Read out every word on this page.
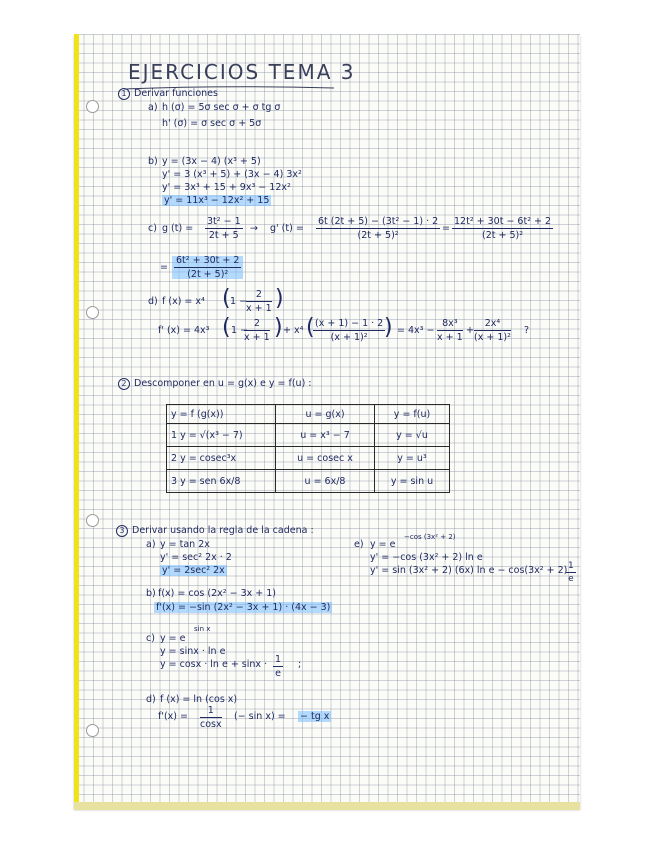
EJERCICIOS TEMA 3
1 Derivar funciones
a) h (σ) = 5σ sec σ + σ tg σ
h' (σ) = σ sec σ + 5σ
b) y = (3x − 4) (x³ + 5)
y' = 3 (x³ + 5) + (3x − 4) 3x²
y' = 3x³ + 15 + 9x³ − 12x²
y' = 11x³ − 12x² + 15
c) g $(t) = \frac{\text{3t² − 1}}{2t + 5} \to g'$ $(t) = \frac{\text{6t (2t + 5) − (3t² − 1) · 2}}{\text{(2t + 5)²}} = \frac{\text{12t² + 30t − 6t² + 2}}{\text{(2t + 5)²}}$
= $\frac{\text{6t² + 30t + 2}}{\text{(2t + 5)²}}$
d) f (x) = x⁴ ( 1 −
$\frac{2}{x + 1}$ )
f' (x) = 4x³ ( 1 −
$\frac{2}{x + 1}$ ) + x⁴ (
$\frac{(x + 1) - 1 \cdot 2}{\text{(x + 1)²}}$
) = $4x^3 - \frac{\text{8x³}}{x + 1} + \frac{\text{2x⁴}}{\text{(x + 1)²}}$ ?
2 Descomponer en u = g(x) e y = f(u) :
y = f (g(x))	u = g(x)	y = f(u)
1 y = √(x³ − 7)	u = x³ − 7	y = √u
2 y = cosec³x	u = cosec x	y = u³
3 y = sen 6x/8	u = 6x/8	y = sin u
3 Derivar usando la regla de la cadena :
a) y = tan 2x
y' = sec² 2x · 2
y' = 2sec² 2x
e) y = e
−cos (3x² + 2)
y' = −cos (3x² + 2) ln e
y' = sin (3x² + 2) (6x) ln e − cos(3x² + 2)
$\frac{1}{e}$
b) f(x) = cos (2x² − 3x + 1)
f'(x) = −sin (2x² − 3x + 1) · (4x − 3)
c) y = e
sin x
y = sinx · ln e
$y = \cos x \cdot \ln e + \sin x \cdot \frac{1}{e}$ ;
d) f (x) = ln (cos x)
$f'(x) = \frac{1}{\cos x}$ (− sin x) = − tg x
